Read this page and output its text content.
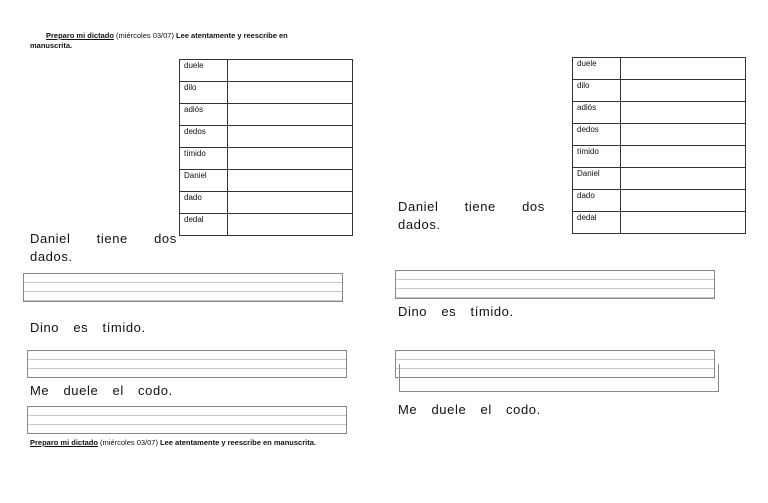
Preparo mi dictado (miércoles 03/07) Lee atentamente y reescribe en
manuscrita.
duele	
dilo	
adiós	
dedos	
tímido	
Daniel	
dado	
dedal	
Daniel tiene dos
dados.
Dino es tímido.
Me duele el codo.
Preparo mi dictado (miércoles 03/07) Lee atentamente y reescribe en manuscrita.
duele	
dilo	
adiós	
dedos	
tímido	
Daniel	
dado	
dedal	
Daniel tiene dos
dados.
Dino es tímido.
Me duele el codo.
